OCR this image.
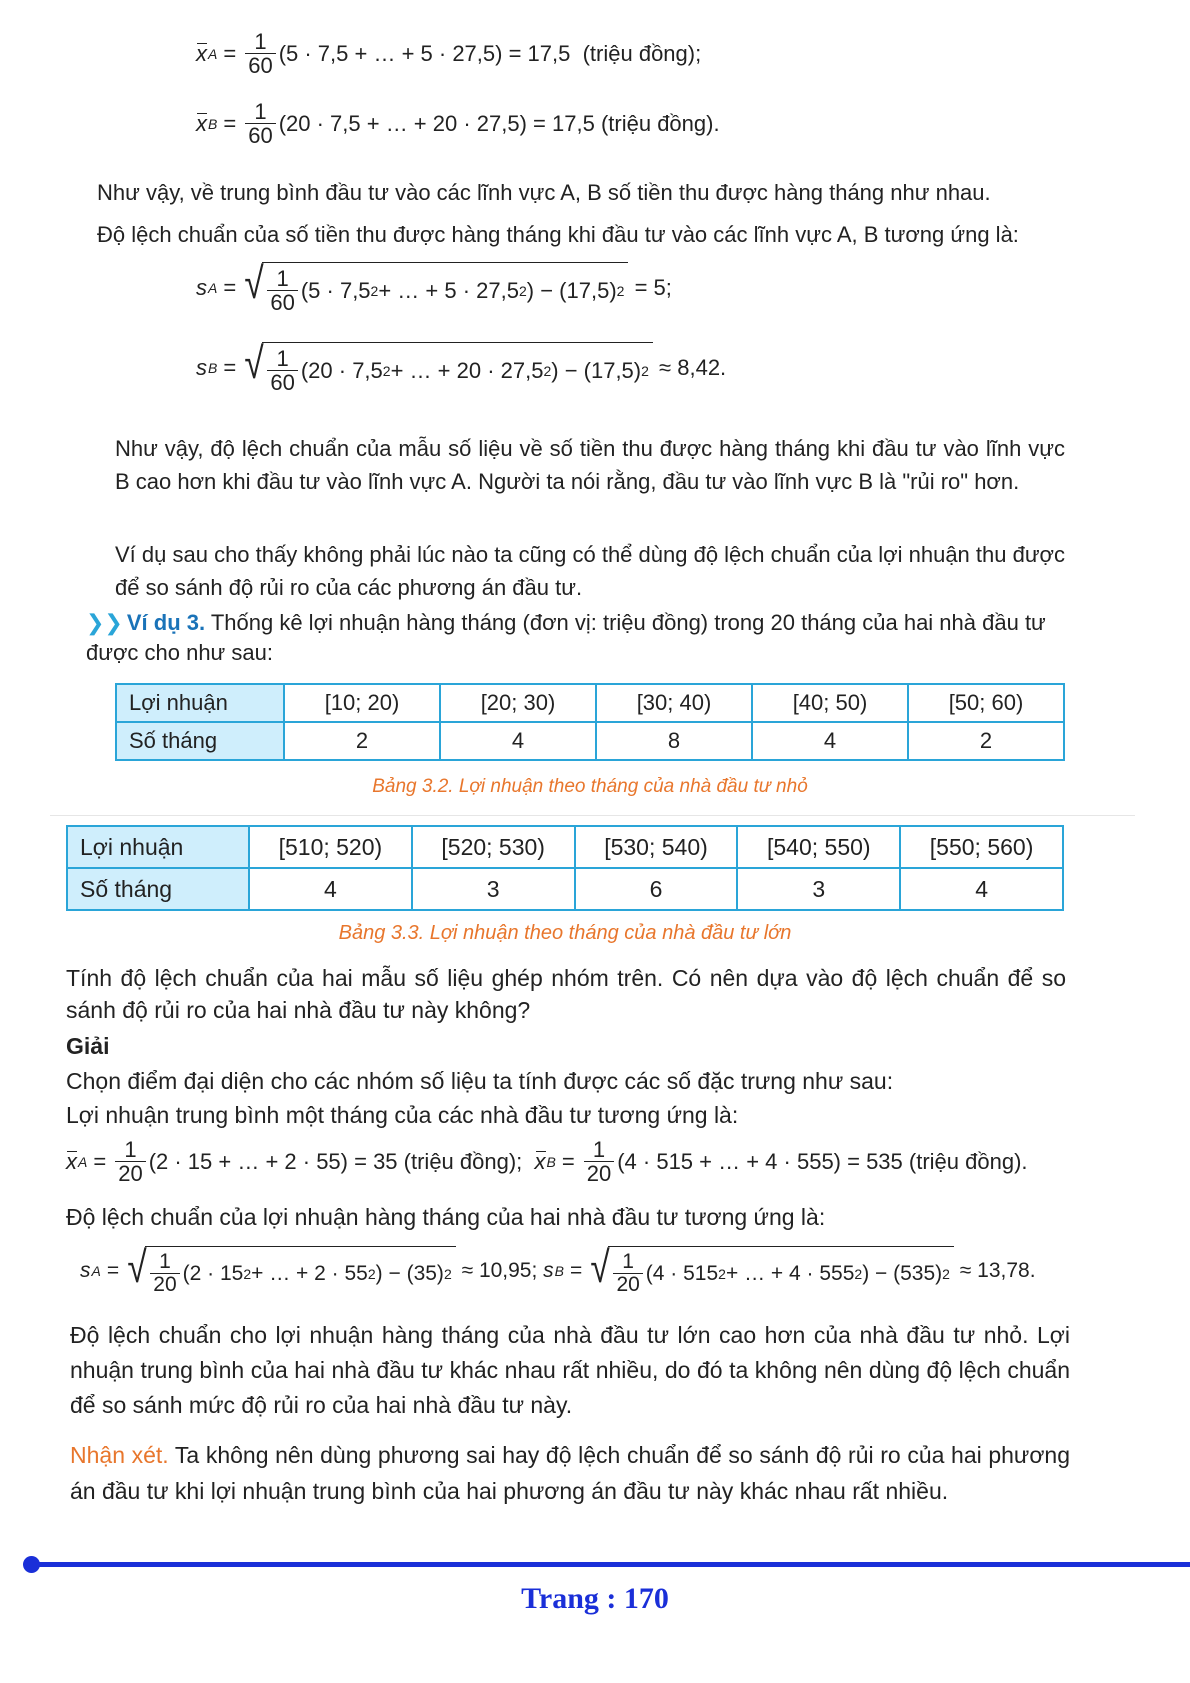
x $A = \frac{1}{60} (5 \cdot 7,5$ + … + 5 · 27,5) = 17,5
(triệu đồng);
x $B = \frac{1}{60} (20 \cdot 7,5$ + … + 20 · 27,5) = 17,5
(triệu đồng).
Như vậy, về trung bình đầu tư vào các lĩnh vực A, B số tiền thu được hàng tháng như nhau.
Độ lệch chuẩn của số tiền thu được hàng tháng khi đầu tư vào các lĩnh vực A, B tương ứng là:
s A = √ $\frac{1}{60} (5 \cdot 7,5$ 2 + … + 5 · 27,5 2 ) − (17,5) 2
= 5;
s B = √ $\frac{1}{60} (20 \cdot 7,5$ 2 + … + 20 · 27,5 2 ) − (17,5) 2
≈ 8,42.
Như vậy, độ lệch chuẩn của mẫu số liệu về số tiền thu được hàng tháng khi đầu tư vào lĩnh vực B cao hơn khi đầu tư vào lĩnh vực A. Người ta nói rằng, đầu tư vào lĩnh vực B là "rủi ro" hơn.
Ví dụ sau cho thấy không phải lúc nào ta cũng có thể dùng độ lệch chuẩn của lợi nhuận thu được để so sánh độ rủi ro của các phương án đầu tư.
❯❯ Ví dụ 3. Thống kê lợi nhuận hàng tháng (đơn vị: triệu đồng) trong 20 tháng của hai nhà đầu tư được cho như sau:
Lợi nhuận	[10; 20)	[20; 30)	[30; 40)	[40; 50)	[50; 60)
Số tháng	2	4	8	4	2
Bảng 3.2. Lợi nhuận theo tháng của nhà đầu tư nhỏ
Lợi nhuận	[510; 520)	[520; 530)	[530; 540)	[540; 550)	[550; 560)
Số tháng	4	3	6	3	4
Bảng 3.3. Lợi nhuận theo tháng của nhà đầu tư lớn
Tính độ lệch chuẩn của hai mẫu số liệu ghép nhóm trên. Có nên dựa vào độ lệch chuẩn để so sánh độ rủi ro của hai nhà đầu tư này không?
Giải
Chọn điểm đại diện cho các nhóm số liệu ta tính được các số đặc trưng như sau:
Lợi nhuận trung bình một tháng của các nhà đầu tư tương ứng là:
x $A = \frac{1}{20} (2 \cdot 15$ + … + 2 · 55) = 35
(triệu đồng);
x $B = \frac{1}{20} (4 \cdot 515$ + … + 4 · 555) = 535
(triệu đồng).
Độ lệch chuẩn của lợi nhuận hàng tháng của hai nhà đầu tư tương ứng là:
s A = √ $\frac{1}{20} (2 \cdot 15$ 2 + … + 2 · 55 2 ) − (35) 2
≈ 10,95;
s B = √ $\frac{1}{20} (4 \cdot 515$ 2 + … + 4 · 555 2 ) − (535) 2
≈ 13,78.
Độ lệch chuẩn cho lợi nhuận hàng tháng của nhà đầu tư lớn cao hơn của nhà đầu tư nhỏ. Lợi nhuận trung bình của hai nhà đầu tư khác nhau rất nhiều, do đó ta không nên dùng độ lệch chuẩn để so sánh mức độ rủi ro của hai nhà đầu tư này.
Nhận xét. Ta không nên dùng phương sai hay độ lệch chuẩn để so sánh độ rủi ro của hai phương án đầu tư khi lợi nhuận trung bình của hai phương án đầu tư này khác nhau rất nhiều.
Trang : 170
